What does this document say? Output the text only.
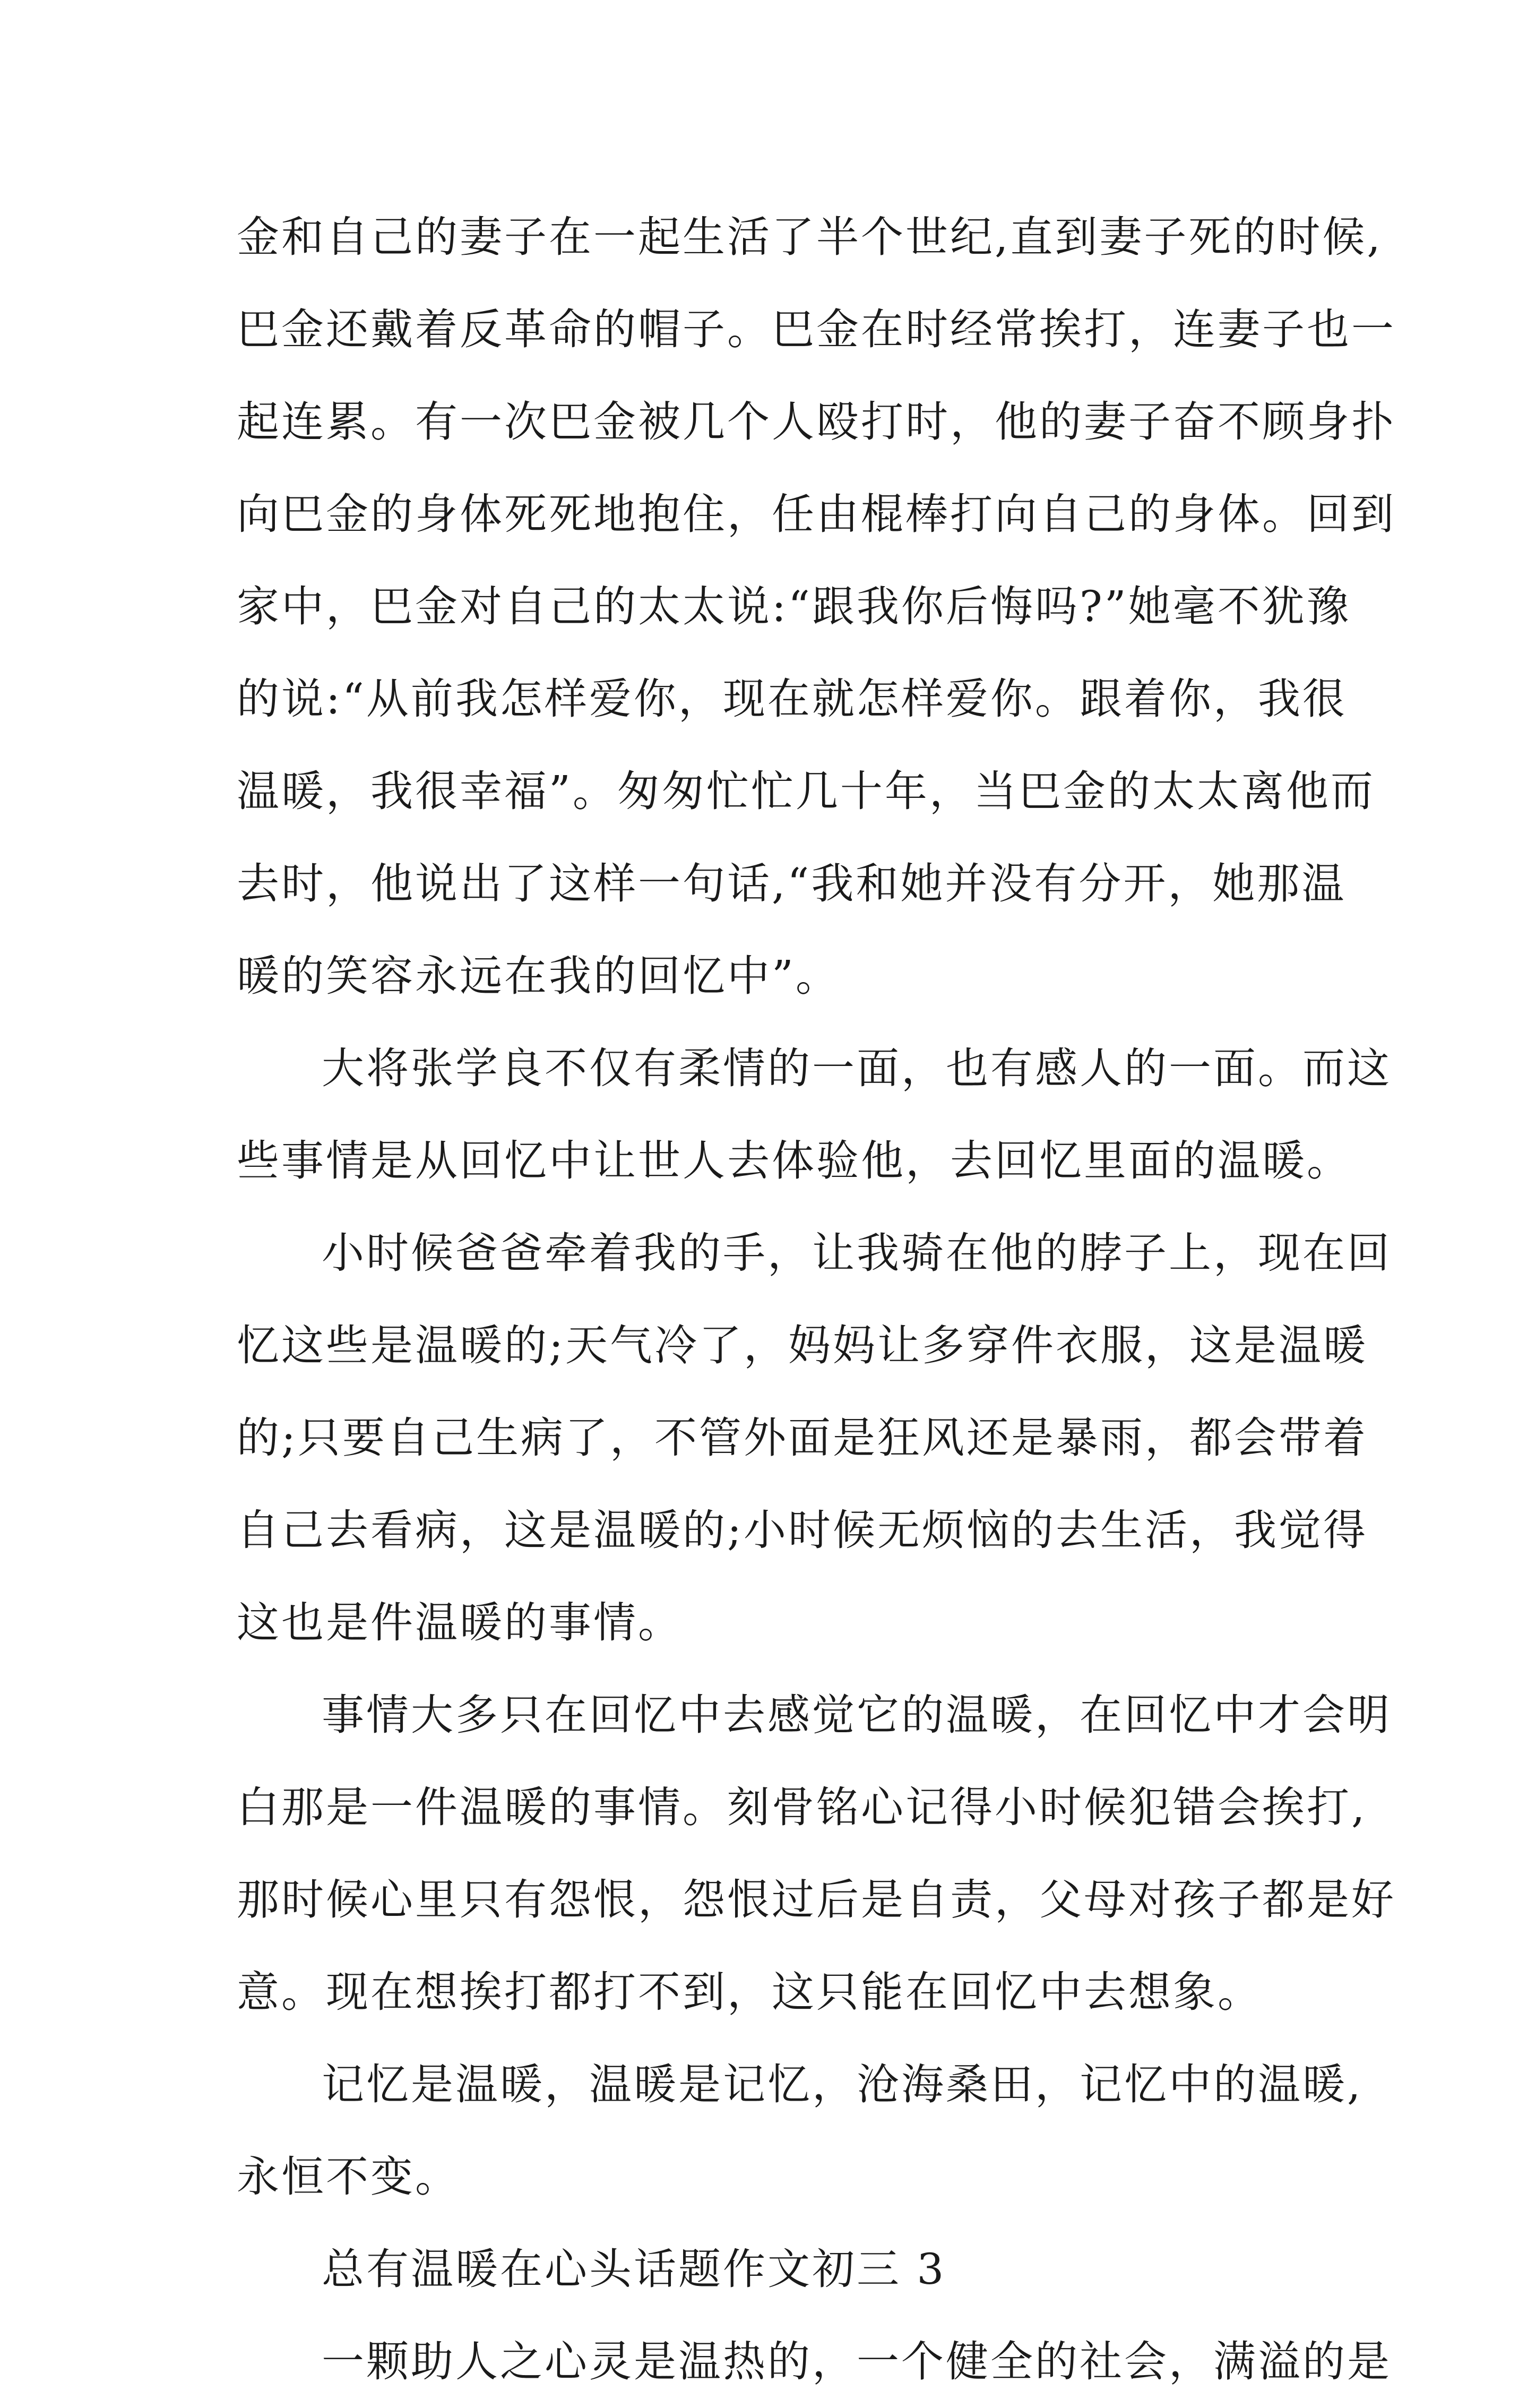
金和自己的妻子在一起生活了半个世纪,直到妻子死的时候,
巴金还戴着反革命的帽子。巴金在时经常挨打，连妻子也一
起连累。有一次巴金被几个人殴打时，他的妻子奋不顾身扑
向巴金的身体死死地抱住，任由棍棒打向自己的身体。回到
家中，巴金对自己的太太说:“跟我你后悔吗?”她毫不犹豫
的说:“从前我怎样爱你，现在就怎样爱你。跟着你，我很
温暖，我很幸福”。匆匆忙忙几十年，当巴金的太太离他而
去时，他说出了这样一句话,“我和她并没有分开，她那温
暖的笑容永远在我的回忆中”。
大将张学良不仅有柔情的一面，也有感人的一面。而这
些事情是从回忆中让世人去体验他，去回忆里面的温暖。
小时候爸爸牵着我的手，让我骑在他的脖子上，现在回
忆这些是温暖的;天气冷了，妈妈让多穿件衣服，这是温暖
的;只要自己生病了，不管外面是狂风还是暴雨，都会带着
自己去看病，这是温暖的;小时候无烦恼的去生活，我觉得
这也是件温暖的事情。
事情大多只在回忆中去感觉它的温暖，在回忆中才会明
白那是一件温暖的事情。刻骨铭心记得小时候犯错会挨打,
那时候心里只有怨恨，怨恨过后是自责，父母对孩子都是好
意。现在想挨打都打不到，这只能在回忆中去想象。
记忆是温暖，温暖是记忆，沧海桑田，记忆中的温暖,
永恒不变。
总有温暖在心头话题作文初三 3
一颗助人之心灵是温热的，一个健全的社会，满溢的是
